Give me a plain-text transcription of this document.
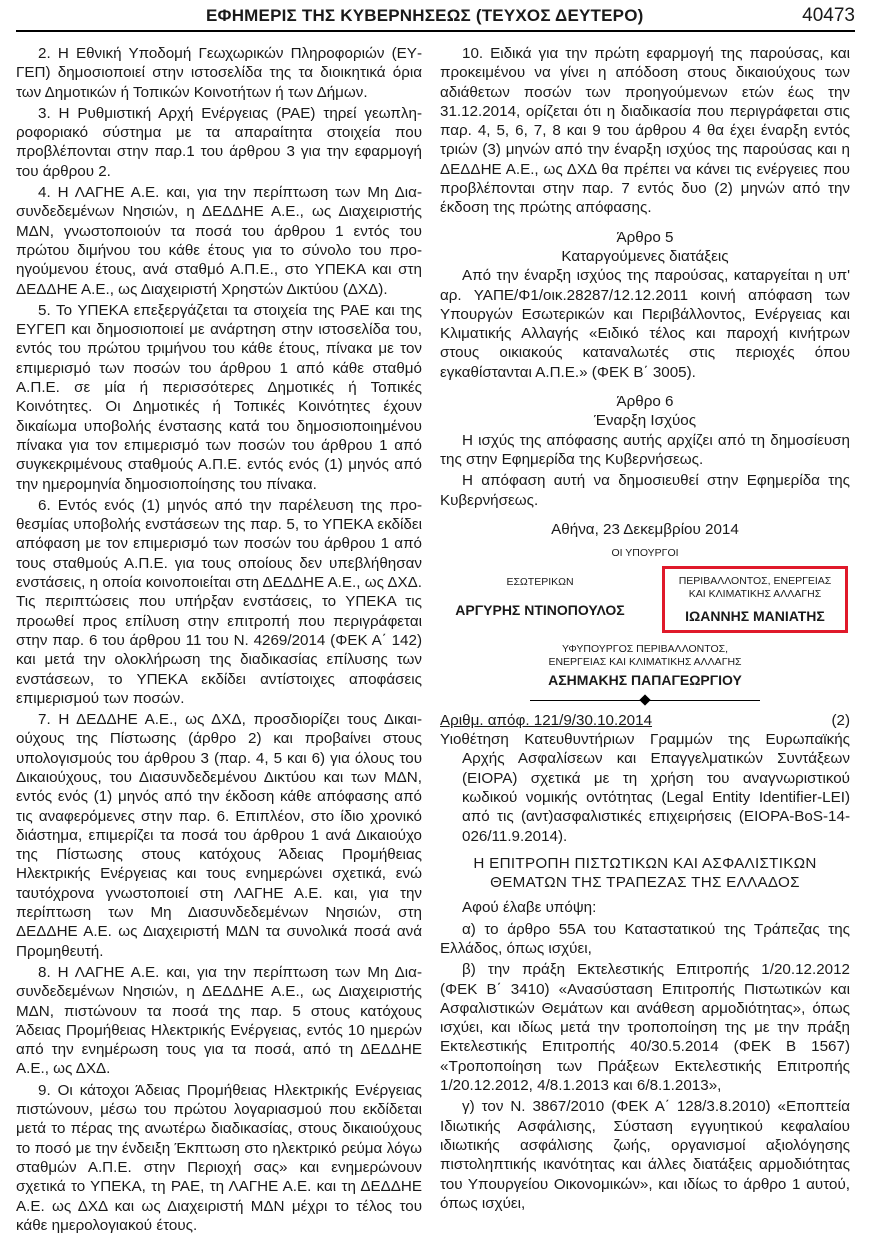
ΕΦΗΜΕΡΙΣ ΤΗΣ ΚΥΒΕΡΝΗΣΕΩΣ (ΤΕΥΧΟΣ ΔΕΥΤΕΡΟ)	40473

2. Η Εθνική Υποδομή Γεωχωρικών Πληροφοριών (ΕΥΓΕΠ) δημοσιοποιεί στην ιστοσελίδα της τα διοικητικά όρια των Δημοτικών ή Τοπικών Κοινοτήτων ή των Δήμων.

3. Η Ρυθμιστική Αρχή Ενέργειας (ΡΑΕ) τηρεί γεωπληροφοριακό σύστημα με τα απαραίτητα στοιχεία που προβλέπονται στην παρ.1 του άρθρου 3 για την εφαρμογή του άρθρου 2.

4. Η ΛΑΓΗΕ Α.Ε. και, για την περίπτωση των Μη Διασυνδεδεμένων Νησιών, η ΔΕΔΔΗΕ Α.Ε., ως Διαχειριστής ΜΔΝ, γνωστοποιούν τα ποσά του άρθρου 1 εντός του πρώτου διμήνου του κάθε έτους για το σύνολο του προηγούμενου έτους, ανά σταθμό Α.Π.Ε., στο ΥΠΕΚΑ και στη ΔΕΔΔΗΕ Α.Ε., ως Διαχειριστή Χρηστών Δικτύου (ΔΧΔ).

5. Το ΥΠΕΚΑ επεξεργάζεται τα στοιχεία της ΡΑΕ και της ΕΥΓΕΠ και δημοσιοποιεί με ανάρτηση στην ιστοσελίδα του, εντός του πρώτου τριμήνου του κάθε έτους, πίνακα με τον επιμερισμό των ποσών του άρθρου 1 από κάθε σταθμό Α.Π.Ε. σε μία ή περισσότερες Δημοτικές ή Τοπικές Κοινότητες. Οι Δημοτικές ή Τοπικές Κοινότητες έχουν δικαίωμα υποβολής ένστασης κατά του δημοσιοποιημένου πίνακα για τον επιμερισμό των ποσών του άρθρου 1 από συγκεκριμένους σταθμούς Α.Π.Ε. εντός ενός (1) μηνός από την ημερομηνία δημοσιοποίησης του πίνακα.

6. Εντός ενός (1) μηνός από την παρέλευση της προθεσμίας υποβολής ενστάσεων της παρ. 5, το ΥΠΕΚΑ εκδίδει απόφαση με τον επιμερισμό των ποσών του άρθρου 1 από τους σταθμούς Α.Π.Ε. για τους οποίους δεν υπεβλήθησαν ενστάσεις, η οποία κοινοποιείται στη ΔΕΔΔΗΕ Α.Ε., ως ΔΧΔ. Τις περιπτώσεις που υπήρξαν ενστάσεις, το ΥΠΕΚΑ τις προωθεί προς επίλυση στην επιτροπή που περιγράφεται στην παρ. 6 του άρθρου 11 του Ν. 4269/2014 (ΦΕΚ Α΄ 142) και μετά την ολοκλήρωση της διαδικασίας επίλυσης των ενστάσεων, το ΥΠΕΚΑ εκδίδει αντίστοιχες αποφάσεις επιμερισμού των ποσών.

7. Η ΔΕΔΔΗΕ Α.Ε., ως ΔΧΔ, προσδιορίζει τους Δικαιούχους της Πίστωσης (άρθρο 2) και προβαίνει στους υπολογισμούς του άρθρου 3 (παρ. 4, 5 και 6) για όλους του Δικαιούχους, του Διασυνδεδεμένου Δικτύου και των ΜΔΝ, εντός ενός (1) μηνός από την έκδοση κάθε απόφασης από τις αναφερόμενες στην παρ. 6. Επιπλέον, στο ίδιο χρονικό διάστημα, επιμερίζει τα ποσά του άρθρου 1 ανά Δικαιούχο της Πίστωσης στους κατόχους Άδειας Προμήθειας Ηλεκτρικής Ενέργειας και τους ενημερώνει σχετικά, ενώ ταυτόχρονα γνωστοποιεί στη ΛΑΓΗΕ Α.Ε. και, για την περίπτωση των Μη Διασυνδεδεμένων Νησιών, στη ΔΕΔΔΗΕ Α.Ε. ως Διαχειριστή ΜΔΝ τα συνολικά ποσά ανά Προμηθευτή.

8. Η ΛΑΓΗΕ Α.Ε. και, για την περίπτωση των Μη Διασυνδεδεμένων Νησιών, η ΔΕΔΔΗΕ Α.Ε., ως Διαχειριστής ΜΔΝ, πιστώνουν τα ποσά της παρ. 5 στους κατόχους Άδειας Προμήθειας Ηλεκτρικής Ενέργειας, εντός 10 ημερών από την ενημέρωση τους για τα ποσά, από τη ΔΕΔΔΗΕ Α.Ε., ως ΔΧΔ.

9. Οι κάτοχοι Άδειας Προμήθειας Ηλεκτρικής Ενέργειας πιστώνουν, μέσω του πρώτου λογαριασμού που εκδίδεται μετά το πέρας της ανωτέρω διαδικασίας, στους δικαιούχους το ποσό με την ένδειξη Έκπτωση στο ηλεκτρικό ρεύμα λόγω σταθμών Α.Π.Ε. στην Περιοχή σας» και ενημερώνουν σχετικά το ΥΠΕΚΑ, τη ΡΑΕ, τη ΛΑΓΗΕ Α.Ε. και τη ΔΕΔΔΗΕ Α.Ε. ως ΔΧΔ και ως Διαχειριστή ΜΔΝ μέχρι το τέλος του κάθε ημερολογιακού έτους.

10. Ειδικά για την πρώτη εφαρμογή της παρούσας, και προκειμένου να γίνει η απόδοση στους δικαιούχους των αδιάθετων ποσών των προηγούμενων ετών έως την 31.12.2014, ορίζεται ότι η διαδικασία που περιγράφεται στις παρ. 4, 5, 6, 7, 8 και 9 του άρθρου 4 θα έχει έναρξη εντός τριών (3) μηνών από την έναρξη ισχύος της παρούσας και η ΔΕΔΔΗΕ Α.Ε., ως ΔΧΔ θα πρέπει να κάνει τις ενέργειες που προβλέπονται στην παρ. 7 εντός δυο (2) μηνών από την έκδοση της πρώτης απόφασης.

Άρθρο 5

Καταργούμενες διατάξεις

Από την έναρξη ισχύος της παρούσας, καταργείται η υπ' αρ. ΥΑΠΕ/Φ1/οικ.28287/12.12.2011 κοινή απόφαση των Υπουργών Εσωτερικών και Περιβάλλοντος, Ενέργειας και Κλιματικής Αλλαγής «Ειδικό τέλος και παροχή κινήτρων στους οικιακούς καταναλωτές στις περιοχές όπου εγκαθίστανται Α.Π.Ε.» (ΦΕΚ Β΄ 3005).

Άρθρο 6

Έναρξη Ισχύος

Η ισχύς της απόφασης αυτής αρχίζει από τη δημοσίευση της στην Εφημερίδα της Κυβερνήσεως.

Η απόφαση αυτή να δημοσιευθεί στην Εφημερίδα της Κυβερνήσεως.

Αθήνα, 23 Δεκεμβρίου 2014

ΟΙ ΥΠΟΥΡΓΟΙ

ΕΣΩΤΕΡΙΚΩΝ

ΑΡΓΥΡΗΣ ΝΤΙΝΟΠΟΥΛΟΣ

ΠΕΡΙΒΑΛΛΟΝΤΟΣ, ΕΝΕΡΓΕΙΑΣ

ΚΑΙ ΚΛΙΜΑΤΙΚΗΣ ΑΛΛΑΓΗΣ

ΙΩΑΝΝΗΣ ΜΑΝΙΑΤΗΣ

ΥΦΥΠΟΥΡΓΟΣ ΠΕΡΙΒΑΛΛΟΝΤΟΣ,

ΕΝΕΡΓΕΙΑΣ ΚΑΙ ΚΛΙΜΑΤΙΚΗΣ ΑΛΛΑΓΗΣ

ΑΣΗΜΑΚΗΣ ΠΑΠΑΓΕΩΡΓΙΟΥ

Αριθμ. απόφ. 121/9/30.10.2014	(2)

Υιοθέτηση Κατευθυντήριων Γραμμών της Ευρωπαϊκής Αρχής Ασφαλίσεων και Επαγγελματικών Συντάξεων (ΕΙΟΡΑ) σχετικά με τη χρήση του αναγνωριστικού κωδικού νομικής οντότητας (Legal Entity Identifier-LEI) από τις (αντ)ασφαλιστικές επιχειρήσεις (ΕΙΟΡΑ-BoS-14-026/11.9.2014).

Η ΕΠΙΤΡΟΠΗ ΠΙΣΤΩΤΙΚΩΝ ΚΑΙ ΑΣΦΑΛΙΣΤΙΚΩΝ

ΘΕΜΑΤΩΝ ΤΗΣ ΤΡΑΠΕΖΑΣ ΤΗΣ ΕΛΛΑΔΟΣ

Αφού έλαβε υπόψη:

α) το άρθρο 55Α του Καταστατικού της Τράπεζας της Ελλάδος, όπως ισχύει,

β) την πράξη Εκτελεστικής Επιτροπής 1/20.12.2012 (ΦΕΚ Β΄ 3410) «Ανασύσταση Επιτροπής Πιστωτικών και Ασφαλιστικών Θεμάτων και ανάθεση αρμοδιότητας», όπως ισχύει, και ιδίως μετά την τροποποίηση της με την πράξη Εκτελεστικής Επιτροπής 40/30.5.2014 (ΦΕΚ Β 1567) «Τροποποίηση των Πράξεων Εκτελεστικής Επιτροπής 1/20.12.2012, 4/8.1.2013 και 6/8.1.2013»,

γ) τον Ν. 3867/2010 (ΦΕΚ Α΄ 128/3.8.2010) «Εποπτεία Ιδιωτικής Ασφάλισης, Σύσταση εγγυητικού κεφαλαίου ιδιωτικής ασφάλισης ζωής, οργανισμοί αξιολόγησης πιστοληπτικής ικανότητας και άλλες διατάξεις αρμοδιότητας του Υπουργείου Οικονομικών», και ιδίως το άρθρο 1 αυτού, όπως ισχύει,
